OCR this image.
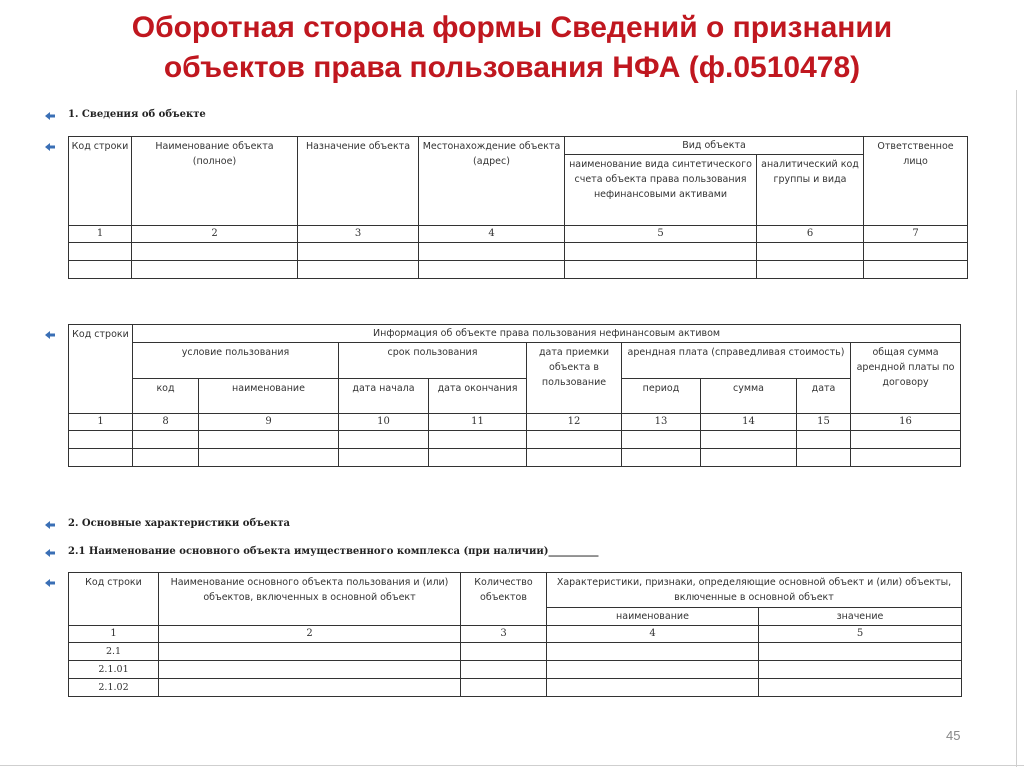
Оборотная сторона формы Сведений о признании
объектов права пользования НФА (ф.0510478)
1. Сведения об объекте
Код строки	Наименование объекта (полное)	Назначение объекта	Местонахождение объекта (адрес)	Вид объекта		Ответственное лицо
				наименование вида синтетического счета объекта права пользования нефинансовыми активами	аналитический код группы и вида	
1	2	3	4	5	6	7

Код строки	Информация об объекте права пользования нефинансовым активом								
	условие пользования		срок пользования		дата приемки объекта в пользование	арендная плата (справедливая стоимость)			общая сумма арендной платы по договору
	код	наименование	дата начала	дата окончания		период	сумма	дата	
1	8	9	10	11	12	13	14	15	16

2. Основные характеристики объекта
2.1 Наименование основного объекта имущественного комплекса (при наличии)__________
Код строки	Наименование основного объекта пользования и (или) объектов, включенных в основной объект	Количество объектов	Характеристики, признаки, определяющие основной объект и (или) объекты, включенные в основной объект	
			наименование	значение
1	2	3	4	5
2.1				
2.1.01				
2.1.02				
45
